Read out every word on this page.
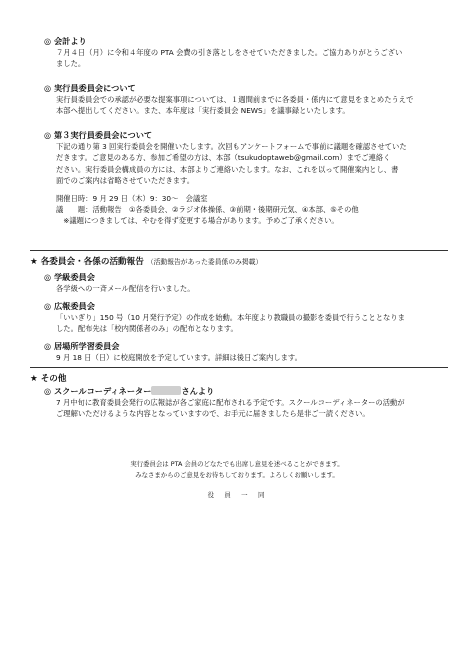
◎ 会計より

７月４日（月）に令和４年度の PTA 会費の引き落としをさせていただきました。ご協力ありがとうござい

ました。

◎ 実行員委員会について

実行員委員会での承認が必要な提案事項については、１週間前までに各委員・係内にて意見をまとめたうえで

本部へ提出してください。また、本年度は「実行委員会 NEWS」を議事録といたします。

◎ 第３実行員委員会について

下記の通り第 3 回実行委員会を開催いたします。次回もアンケートフォームで事前に議題を確認させていた

だきます。ご意見のある方、参加ご希望の方は、本部（tsukudoptaweb@gmail.com）までご連絡く

ださい。実行委員会構成員の方には、本部よりご連絡いたします。なお、これを以って開催案内とし、書

面でのご案内は省略させていただきます。

開催日時：9 月 29 日（木）9：30～　会議室

議　　題：活動報告　①各委員会、②ラジオ体操係、③前期・後期研元気、④本部、⑤その他

　※議題につきましては、やむを得ず変更する場合があります。予めご了承ください。

★ 各委員会・各係の活動報告 （活動報告があった委員係のみ掲載）
◎ 学級委員会

各学級への一斉メール配信を行いました。

◎ 広報委員会

「いいぎり」150 号（10 月発行予定）の作成を始動。本年度より教職員の撮影を委員で行うこととなりま

した。配布先は「校内関係者のみ」の配布となります。

◎ 居場所学習委員会

9 月 18 日（日）に校庭開放を予定しています。詳細は後日ご案内します。

★ その他
◎ スクールコーディネーター	さんより

7 月中旬に教育委員会発行の広報誌が各ご家庭に配布される予定です。スクールコーディネーターの活動が

ご理解いただけるような内容となっていますので、お手元に届きましたら是非ご一読ください。

実行委員会は PTA 会員のどなたでも出席し意見を述べることができます。
みなさまからのご意見をお待ちしております。よろしくお願いします。
役　員　一　同
